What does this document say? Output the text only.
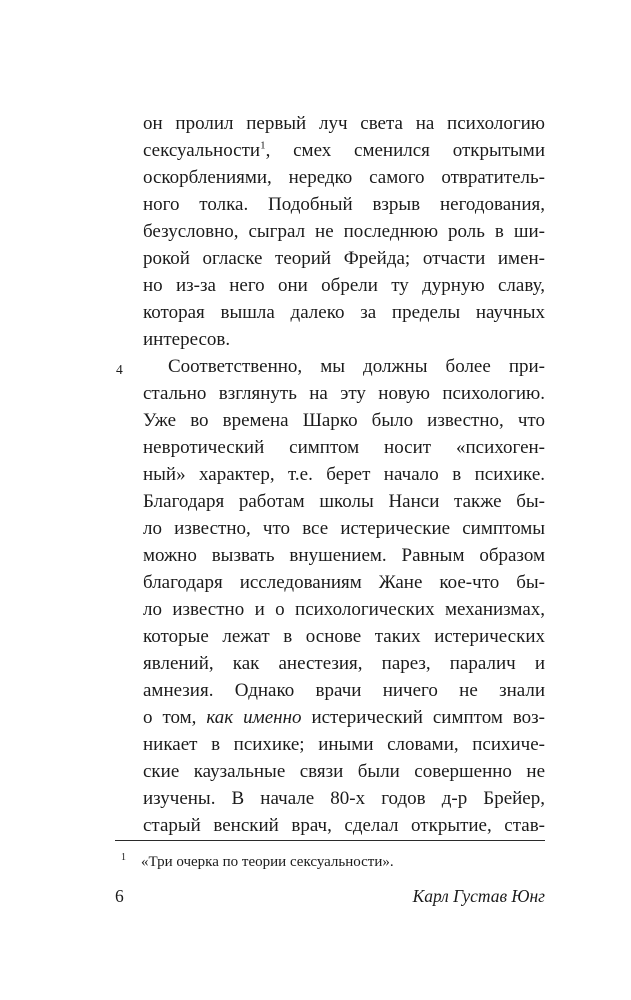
4
он пролил первый луч света на психологию
сексуальности$^1$, смех сменился открытыми
оскорблениями, нередко самого отвратитель-
ного толка. Подобный взрыв негодования,
безусловно, сыграл не последнюю роль в ши-
рокой огласке теорий Фрейда; отчасти имен-
но из-за него они обрели ту дурную славу,
которая вышла далеко за пределы научных
интересов.
Соответственно, мы должны более при-
стально взглянуть на эту новую психологию.
Уже во времена Шарко было известно, что
невротический симптом носит «психоген-
ный» характер, т.е. берет начало в психике.
Благодаря работам школы Нанси также бы-
ло известно, что все истерические симптомы
можно вызвать внушением. Равным образом
благодаря исследованиям Жане кое-что бы-
ло известно и о психологических механизмах,
которые лежат в основе таких истерических
явлений, как анестезия, парез, паралич и
амнезия. Однако врачи ничего не знали
о том, как именно истерический симптом воз-
никает в психике; иными словами, психиче-
ские каузальные связи были совершенно не
изучены. В начале 80-х годов д-р Брейер,
старый венский врач, сделал открытие, став-
$^1$ «Три очерка по теории сексуальности».
6	Карл Густав Юнг
